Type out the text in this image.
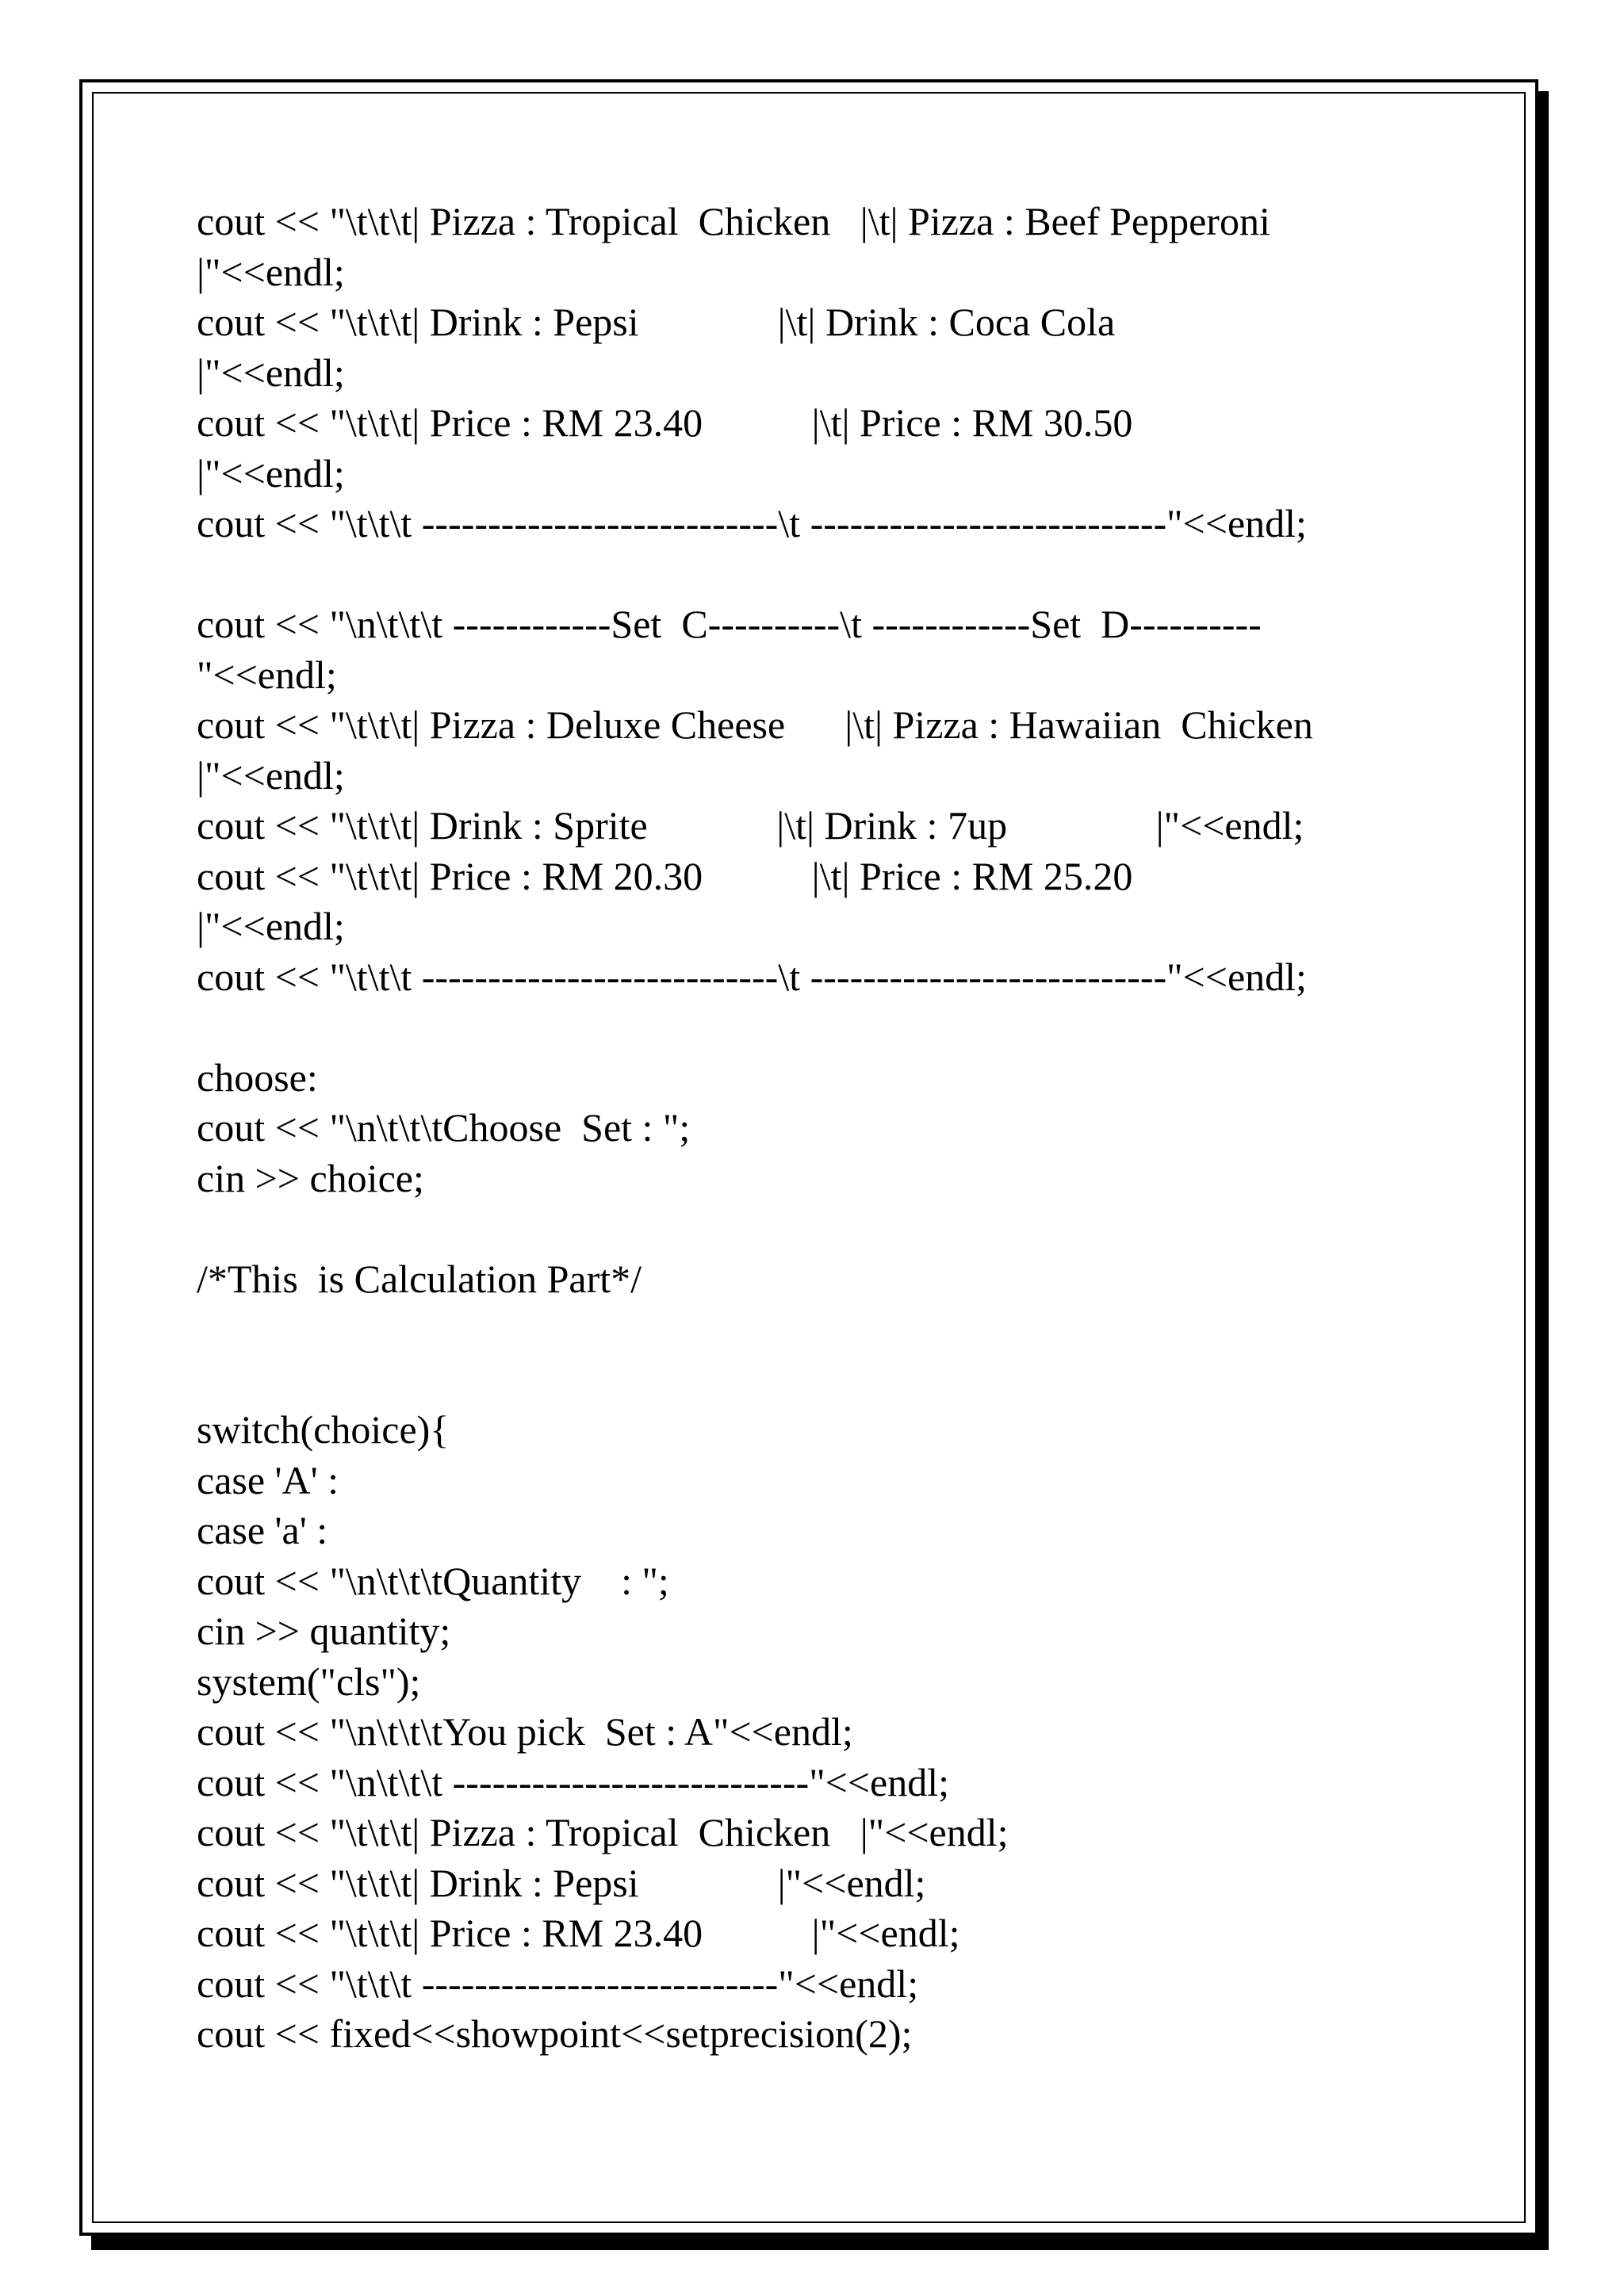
cout << "\t\t\t| Pizza : Tropical  Chicken   |\t| Pizza : Beef Pepperoni
|"<<endl;
cout << "\t\t\t| Drink : Pepsi              |\t| Drink : Coca Cola
|"<<endl;
cout << "\t\t\t| Price : RM 23.40           |\t| Price : RM 30.50
|"<<endl;
cout << "\t\t\t ---------------------------\t ---------------------------"<<endl;
cout << "\n\t\t\t ------------Set  C----------\t ------------Set  D----------
"<<endl;
cout << "\t\t\t| Pizza : Deluxe Cheese      |\t| Pizza : Hawaiian  Chicken
|"<<endl;
cout << "\t\t\t| Drink : Sprite             |\t| Drink : 7up               |"<<endl;
cout << "\t\t\t| Price : RM 20.30           |\t| Price : RM 25.20
|"<<endl;
cout << "\t\t\t ---------------------------\t ---------------------------"<<endl;
choose:
cout << "\n\t\t\tChoose  Set : ";
cin >> choice;
/*This  is Calculation Part*/
switch(choice){
case 'A' :
case 'a' :
cout << "\n\t\t\tQuantity    : ";
cin >> quantity;
system("cls");
cout << "\n\t\t\tYou pick  Set : A"<<endl;
cout << "\n\t\t\t ---------------------------"<<endl;
cout << "\t\t\t| Pizza : Tropical  Chicken   |"<<endl;
cout << "\t\t\t| Drink : Pepsi              |"<<endl;
cout << "\t\t\t| Price : RM 23.40           |"<<endl;
cout << "\t\t\t ---------------------------"<<endl;
cout << fixed<<showpoint<<setprecision(2);
